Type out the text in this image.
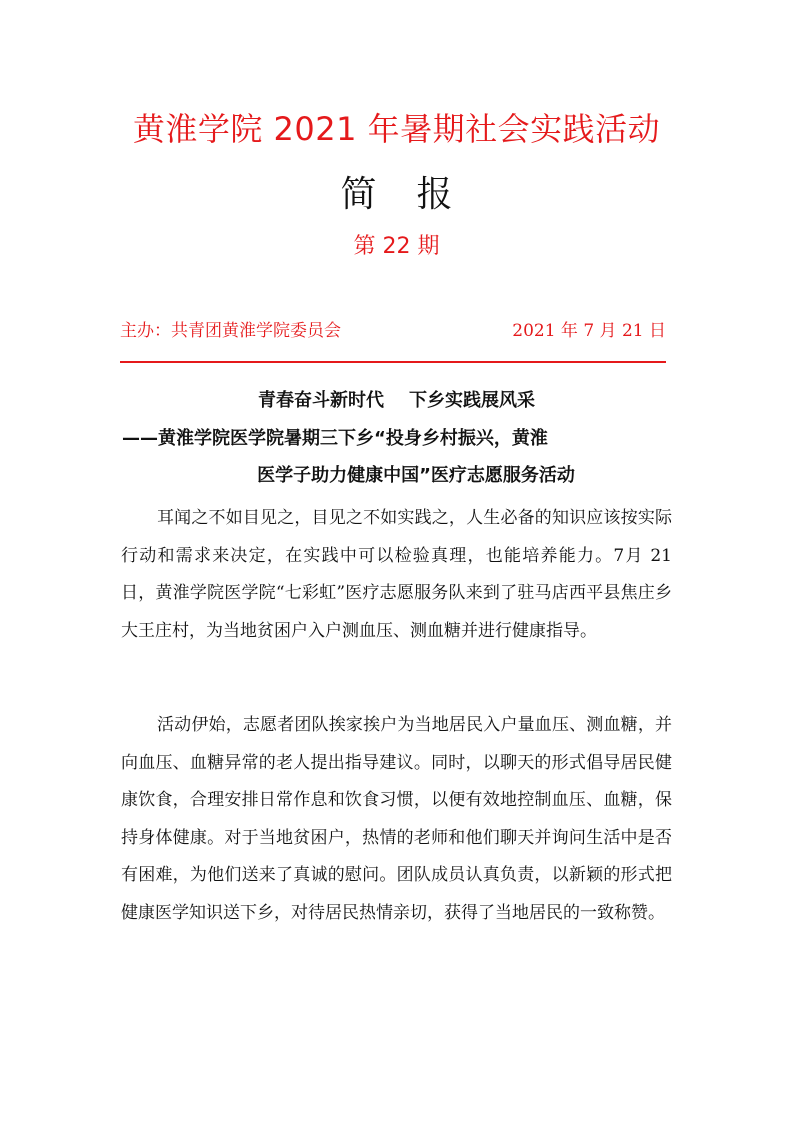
黄淮学院 2021 年暑期社会实践活动
简报
第 22 期
主办：共青团黄淮学院委员会	2021 年 7 月 21 日
青春奋斗新时代    下乡实践展风采
——黄淮学院医学院暑期三下乡“投身乡村振兴，黄淮
医学子助力健康中国”医疗志愿服务活动

耳闻之不如目见之，目见之不如实践之，人生必备的知识应该按实际行动和需求来决定，在实践中可以检验真理，也能培养能力。7月 21 日，黄淮学院医学院“七彩虹”医疗志愿服务队来到了驻马店西平县焦庄乡大王庄村，为当地贫困户入户测血压、测血糖并进行健康指导。

活动伊始，志愿者团队挨家挨户为当地居民入户量血压、测血糖，并向血压、血糖异常的老人提出指导建议。同时，以聊天的形式倡导居民健康饮食，合理安排日常作息和饮食习惯，以便有效地控制血压、血糖，保持身体健康。对于当地贫困户，热情的老师和他们聊天并询问生活中是否有困难，为他们送来了真诚的慰问。团队成员认真负责，以新颖的形式把健康医学知识送下乡，对待居民热情亲切，获得了当地居民的一致称赞。
